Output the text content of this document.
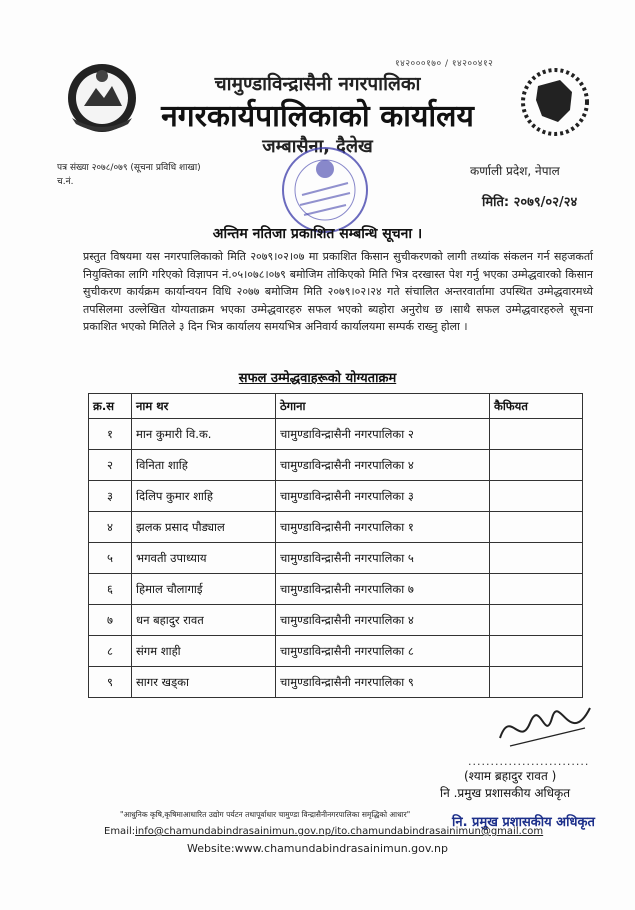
१४२०००१७० / १४२००४१२
चामुण्डाविन्द्रासैनी नगरपालिका
नगरकार्यपालिकाको कार्यालय
जम्बासैना, दैलेख
पत्र संख्या २०७८/०७९ (सूचना प्रविधि शाखा)
च.नं.
कर्णाली प्रदेश, नेपाल
मिति: २०७९/०२/२४
अन्तिम नतिजा प्रकाशित सम्बन्धि सूचना ।
प्रस्तुत विषयमा यस नगरपालिकाको मिति २०७९।०२।०७ मा प्रकाशित किसान सुचीकरणको लागी तथ्यांक संकलन गर्न सहजकर्ता नियुक्तिका लागि गरिएको विज्ञापन नं.०५।०७८।०७९ बमोजिम तोकिएको मिति भित्र दरखास्त पेश गर्नु भएका उम्मेद्धवारको किसान सुचीकरण कार्यक्रम कार्यान्वयन विधि २०७७ बमोजिम मिति २०७९।०२।२४ गते संचालित अन्तरवार्तामा उपस्थित उम्मेद्धवारमध्ये तपसिलमा उल्लेखित योग्यताक्रम भएका उम्मेद्धवारहरु सफल भएको ब्यहोरा अनुरोध छ ।साथै सफल उम्मेद्धवारहरुले सूचना प्रकाशित भएको मितिले ३ दिन भित्र कार्यालय समयभित्र अनिवार्य कार्यालयमा सम्पर्क राख्नु होला ।
सफल उम्मेद्धवाहरूको योग्यताक्रम
क्र.स	नाम थर	ठेगाना	कैफियत
१	मान कुमारी वि.क.	चामुण्डाविन्द्रासैनी नगरपालिका २	
२	विनिता शाहि	चामुण्डाविन्द्रासैनी नगरपालिका ४	
३	दिलिप कुमार शाहि	चामुण्डाविन्द्रासैनी नगरपालिका ३	
४	झलक प्रसाद पौड्याल	चामुण्डाविन्द्रासैनी नगरपालिका १	
५	भगवती उपाध्याय	चामुण्डाविन्द्रासैनी नगरपालिका ५	
६	हिमाल चौलागाई	चामुण्डाविन्द्रासैनी नगरपालिका ७	
७	धन बहादुर रावत	चामुण्डाविन्द्रासैनी नगरपालिका ४	
८	संगम शाही	चामुण्डाविन्द्रासैनी नगरपालिका ८	
९	सागर खड्का	चामुण्डाविन्द्रासैनी नगरपालिका ९	
...........................
(श्याम ब्रहादुर रावत )
नि .प्रमुख प्रशासकीय अधिकृत
"आधुनिक कृषि,कृषिमाआधारित उद्योग पर्यटन तथापूर्वाधार चामुण्डा विन्द्रासैनीनगरपालिका समृद्धिको आधार"
नि. प्रमुख प्रशासकीय अधिकृत
Email:info@chamundabindrasainimun.gov.np/ito.chamundabindrasainimun@gmail.com
Website:www.chamundabindrasainimun.gov.np
